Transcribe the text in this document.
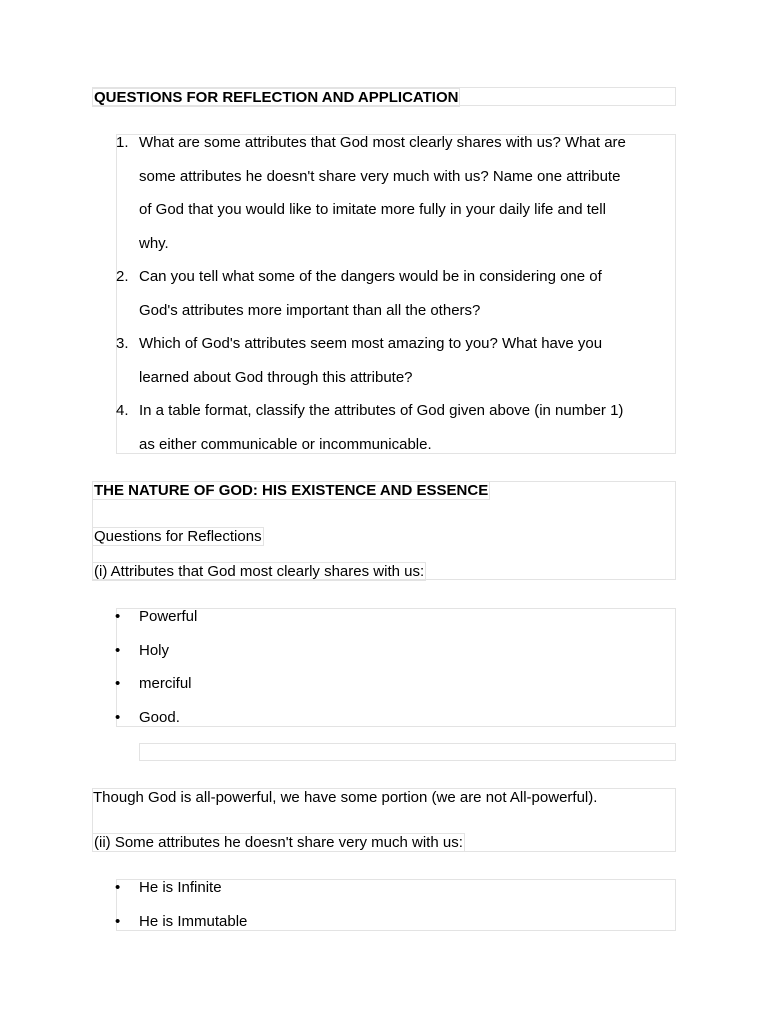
QUESTIONS FOR REFLECTION AND APPLICATION
1. What are some attributes that God most clearly shares with us? What are
some attributes he doesn't share very much with us? Name one attribute
of God that you would like to imitate more fully in your daily life and tell
why.
2. Can you tell what some of the dangers would be in considering one of
God's attributes more important than all the others?
3. Which of God's attributes seem most amazing to you? What have you
learned about God through this attribute?
4. In a table format, classify the attributes of God given above (in number 1)
as either communicable or incommunicable.
THE NATURE OF GOD: HIS EXISTENCE AND ESSENCE
Questions for Reflections
(i) Attributes that God most clearly shares with us:
• Powerful
• Holy
• merciful
• Good.
Though God is all-powerful, we have some portion (we are not All-powerful).
(ii) Some attributes he doesn't share very much with us:
• He is Infinite
• He is Immutable
